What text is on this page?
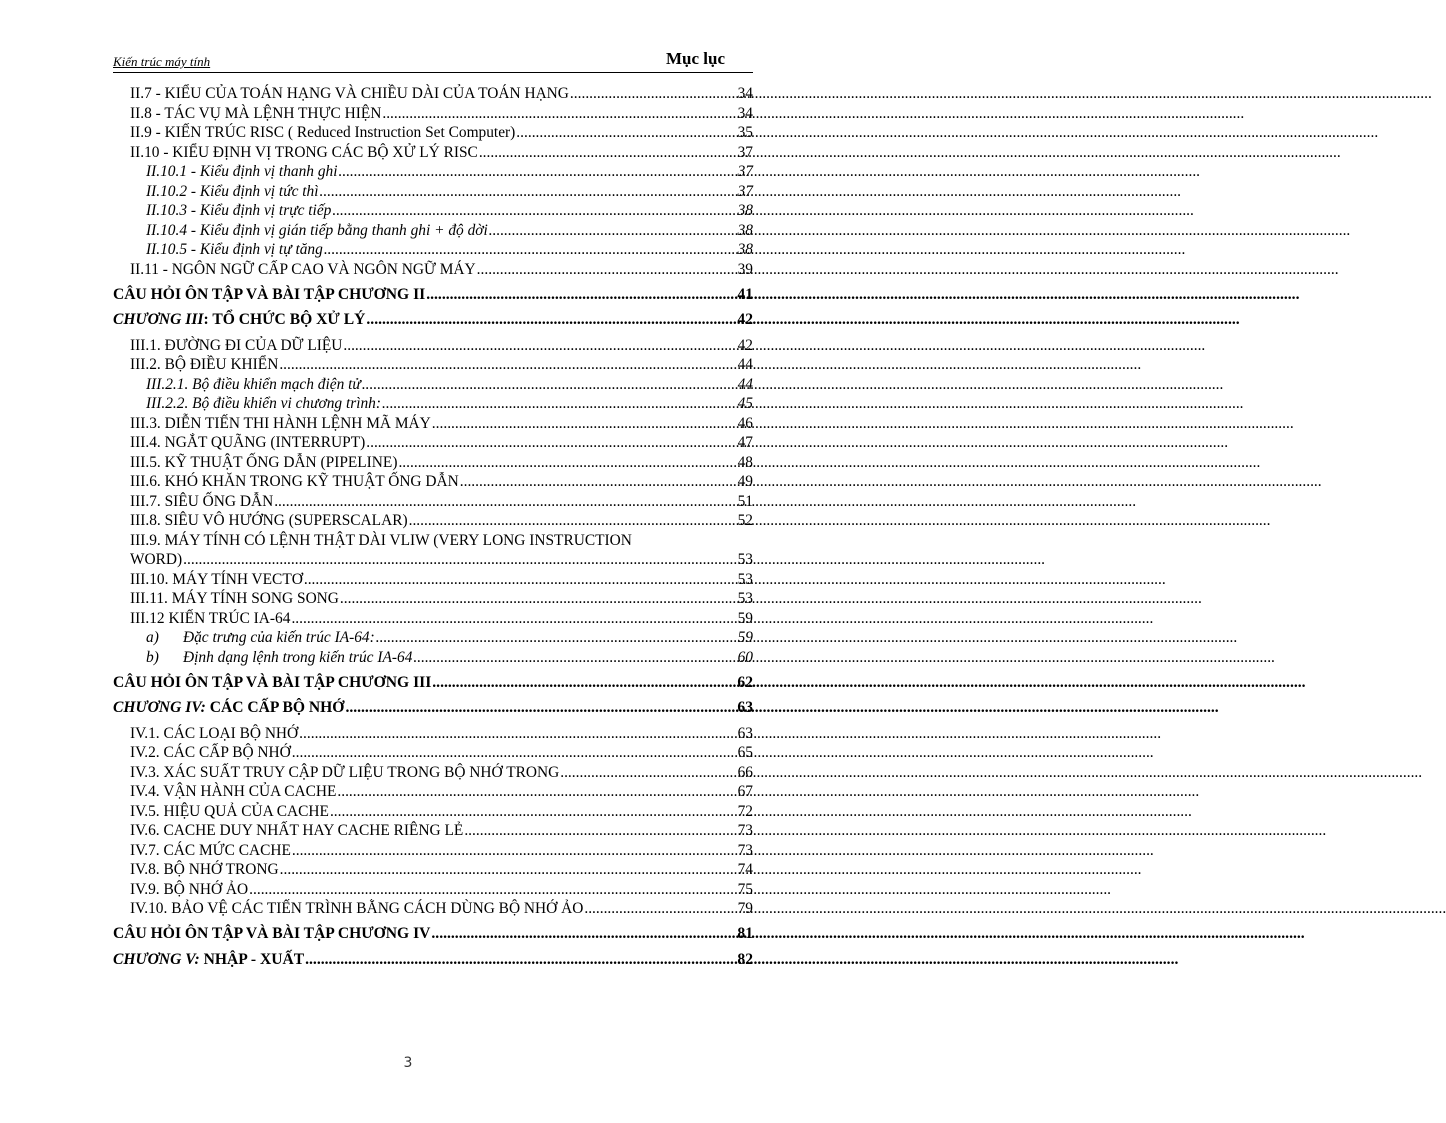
Kiến trúc máy tính	Mục lục
II.7 - KIỂU CỦA TOÁN HẠNG VÀ CHIỀU DÀI CỦA TOÁN HẠNG .....	34
II.8 - TÁC VỤ MÀ LỆNH THỰC HIỆN .....	34
II.9 - KIẾN TRÚC RISC ( Reduced Instruction Set Computer) .....	35
II.10 - KIỂU ĐỊNH VỊ TRONG CÁC BỘ XỬ LÝ RISC .....	37
II.10.1 - Kiểu định vị thanh ghi .....	37
II.10.2 - Kiểu định vị tức thì .....	37
II.10.3 - Kiểu định vị trực tiếp .....	38
II.10.4 - Kiểu định vị gián tiếp bằng thanh ghi + độ dời .....	38
II.10.5 - Kiểu định vị tự tăng .....	38
II.11 - NGÔN NGỮ CẤP CAO VÀ NGÔN NGỮ MÁY .....	39
CÂU HỎI ÔN TẬP VÀ BÀI TẬP CHƯƠNG II .....	41
CHƯƠNG III: TỔ CHỨC BỘ XỬ LÝ .....	42
III.1. ĐƯỜNG ĐI CỦA DỮ LIỆU .....	42
III.2. BỘ ĐIỀU KHIỂN .....	44
III.2.1. Bộ điều khiển mạch điện tử .....	44
III.2.2. Bộ điều khiển vi chương trình: .....	45
III.3. DIỄN TIẾN THI HÀNH LỆNH MÃ MÁY .....	46
III.4. NGẮT QUÃNG (INTERRUPT) .....	47
III.5. KỸ THUẬT ỐNG DẪN (PIPELINE) .....	48
III.6. KHÓ KHĂN TRONG KỸ THUẬT ỐNG DẪN .....	49
III.7. SIÊU ỐNG DẪN .....	51
III.8. SIÊU VÔ HƯỚNG (SUPERSCALAR) .....	52
III.9. MÁY TÍNH CÓ LỆNH THẬT DÀI VLIW (VERY LONG INSTRUCTION
WORD) .....	53
III.10. MÁY TÍNH VECTƠ .....	53
III.11. MÁY TÍNH SONG SONG .....	53
III.12 KIẾN TRÚC IA-64 .....	59
a) Đặc trưng của kiến trúc IA-64: .....	59
b) Định dạng lệnh trong kiến trúc IA-64 .....	60
CÂU HỎI ÔN TẬP VÀ BÀI TẬP CHƯƠNG III .....	62
CHƯƠNG IV: CÁC CẤP BỘ NHỚ .....	63
IV.1. CÁC LOẠI BỘ NHỚ .....	63
IV.2. CÁC CẤP BỘ NHỚ .....	65
IV.3. XÁC SUẤT TRUY CẬP DỮ LIỆU TRONG BỘ NHỚ TRONG .....	66
IV.4. VẬN HÀNH CỦA CACHE .....	67
IV.5. HIỆU QUẢ CỦA CACHE .....	72
IV.6. CACHE DUY NHẤT HAY CACHE RIÊNG LẺ .....	73
IV.7. CÁC MỨC CACHE .....	73
IV.8. BỘ NHỚ TRONG .....	74
IV.9. BỘ NHỚ ẢO .....	75
IV.10. BẢO VỆ CÁC TIẾN TRÌNH BẰNG CÁCH DÙNG BỘ NHỚ ẢO .....	79
CÂU HỎI ÔN TẬP VÀ BÀI TẬP CHƯƠNG IV .....	81
CHƯƠNG V: NHẬP - XUẤT .....	82
3
